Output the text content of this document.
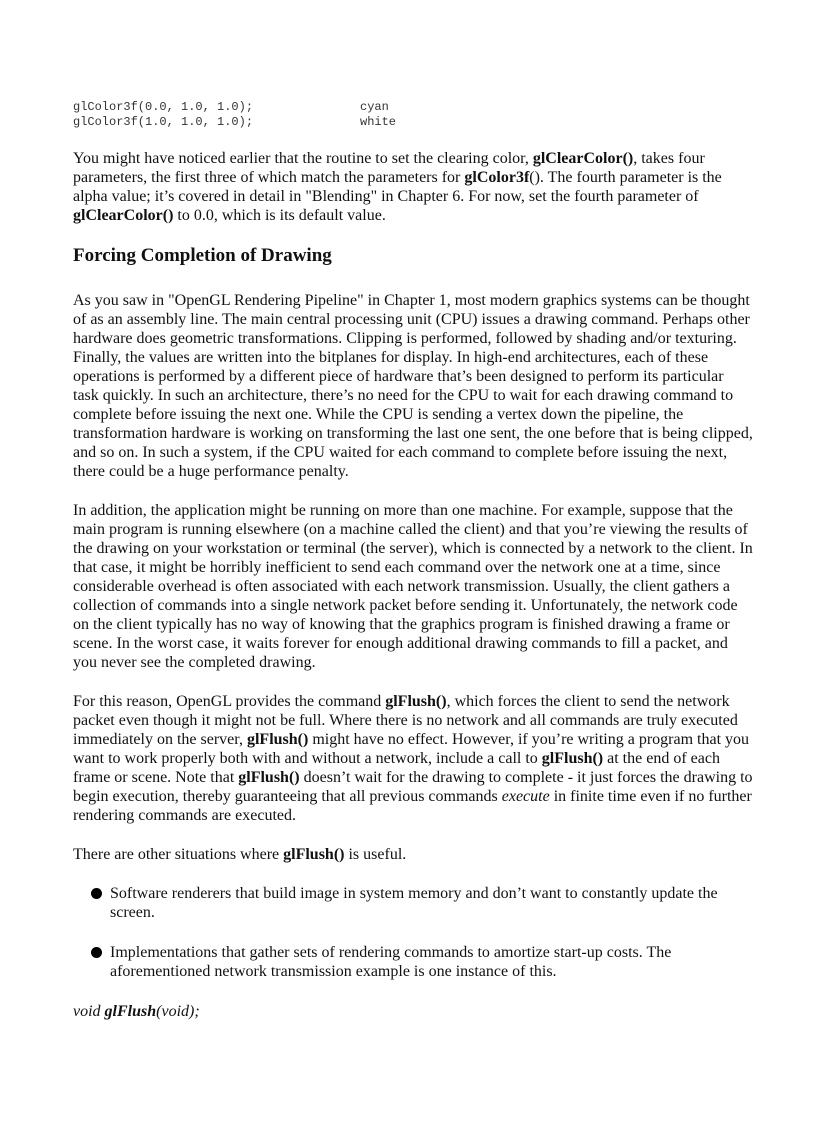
glColor3f(0.0, 1.0, 1.0);	cyan
glColor3f(1.0, 1.0, 1.0);	white

You might have noticed earlier that the routine to set the clearing color, glClearColor(), takes four parameters, the first three of which match the parameters for glColor3f(). The fourth parameter is the alpha value; it’s covered in detail in "Blending" in Chapter 6. For now, set the fourth parameter of glClearColor() to 0.0, which is its default value.

Forcing Completion of Drawing

As you saw in "OpenGL Rendering Pipeline" in Chapter 1, most modern graphics systems can be thought of as an assembly line. The main central processing unit (CPU) issues a drawing command. Perhaps other hardware does geometric transformations. Clipping is performed, followed by shading and/or texturing. Finally, the values are written into the bitplanes for display. In high-end architectures, each of these operations is performed by a different piece of hardware that’s been designed to perform its particular task quickly. In such an architecture, there’s no need for the CPU to wait for each drawing command to complete before issuing the next one. While the CPU is sending a vertex down the pipeline, the transformation hardware is working on transforming the last one sent, the one before that is being clipped, and so on. In such a system, if the CPU waited for each command to complete before issuing the next, there could be a huge performance penalty.

In addition, the application might be running on more than one machine. For example, suppose that the main program is running elsewhere (on a machine called the client) and that you’re viewing the results of the drawing on your workstation or terminal (the server), which is connected by a network to the client. In that case, it might be horribly inefficient to send each command over the network one at a time, since considerable overhead is often associated with each network transmission. Usually, the client gathers a collection of commands into a single network packet before sending it. Unfortunately, the network code on the client typically has no way of knowing that the graphics program is finished drawing a frame or scene. In the worst case, it waits forever for enough additional drawing commands to fill a packet, and you never see the completed drawing.

For this reason, OpenGL provides the command glFlush(), which forces the client to send the network packet even though it might not be full. Where there is no network and all commands are truly executed immediately on the server, glFlush() might have no effect. However, if you’re writing a program that you want to work properly both with and without a network, include a call to glFlush() at the end of each frame or scene. Note that glFlush() doesn’t wait for the drawing to complete - it just forces the drawing to begin execution, thereby guaranteeing that all previous commands execute in finite time even if no further rendering commands are executed.

There are other situations where glFlush() is useful.

Software renderers that build image in system memory and don’t want to constantly update the screen.
Implementations that gather sets of rendering commands to amortize start-up costs. The aforementioned network transmission example is one instance of this.

void glFlush(void);
